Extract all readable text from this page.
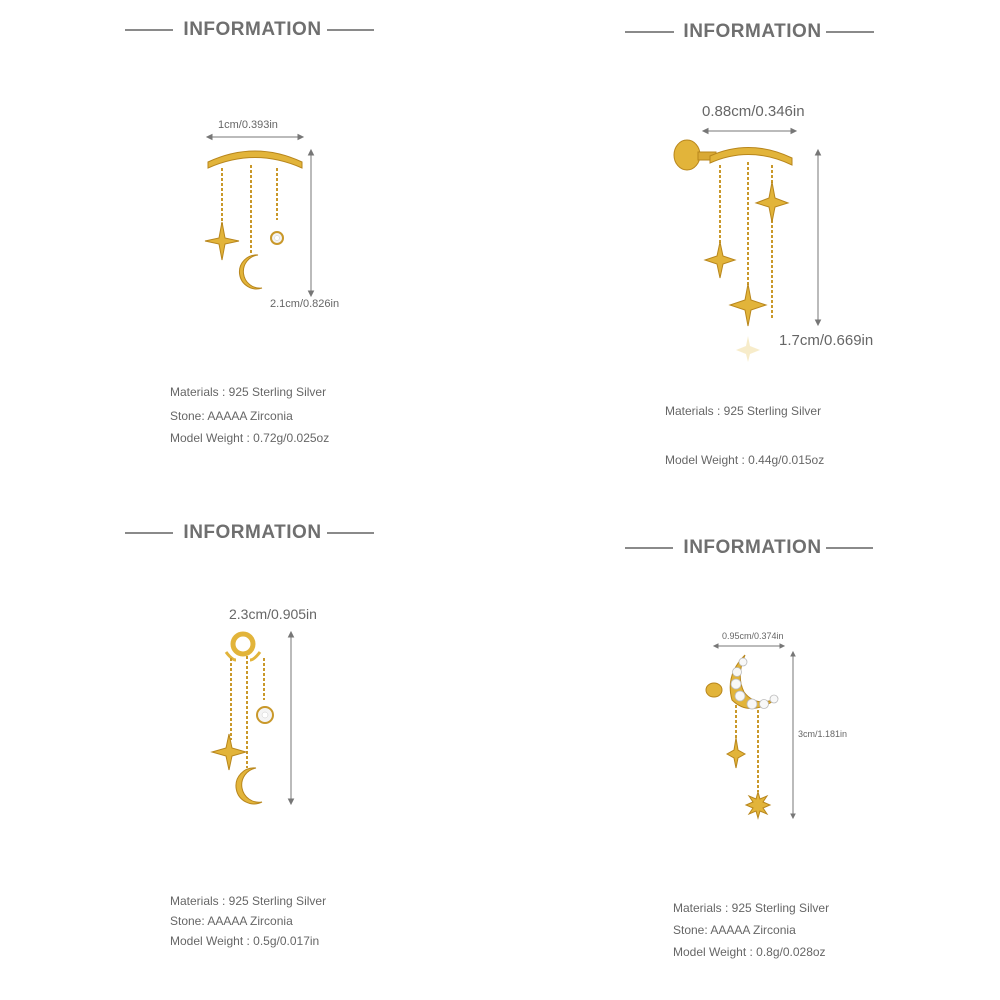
INFORMATION
1cm/0.393in
2.1cm/0.826in
Materials : 925 Sterling Silver
Stone: AAAAA Zirconia
Model Weight : 0.72g/0.025oz
INFORMATION
0.88cm/0.346in
1.7cm/0.669in
Materials : 925 Sterling Silver
Model Weight : 0.44g/0.015oz
INFORMATION
2.3cm/0.905in
Materials : 925 Sterling Silver
Stone: AAAAA Zirconia
Model Weight : 0.5g/0.017in
INFORMATION
0.95cm/0.374in
3cm/1.181in
Materials : 925 Sterling Silver
Stone: AAAAA Zirconia
Model Weight : 0.8g/0.028oz
